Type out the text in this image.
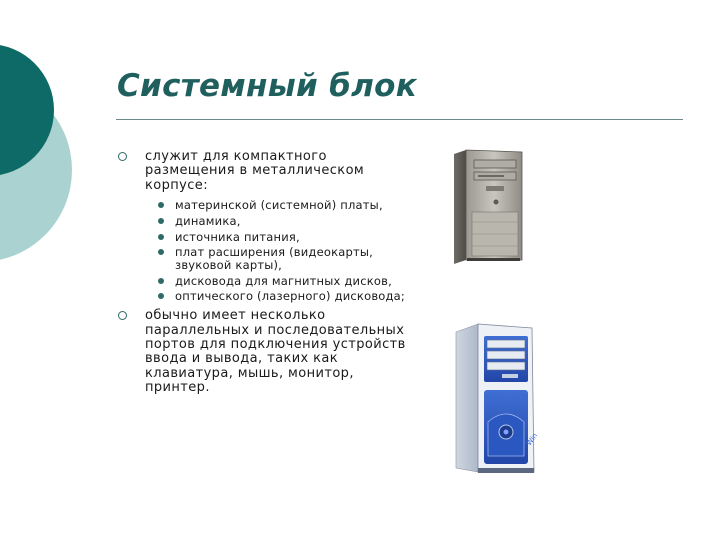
Системный блок
служит для компактного размещения в металлическом корпусе:
материнской (системной) платы,
динамика,
источника питания,
плат расширения (видеокарты, звуковой карты),
дисковода для магнитных дисков,
оптического (лазерного) дисковода;
обычно имеет несколько параллельных и последовательных портов для подключения устройств ввода и вывода, таких как клавиатура, мышь, монитор, принтер.
Win
